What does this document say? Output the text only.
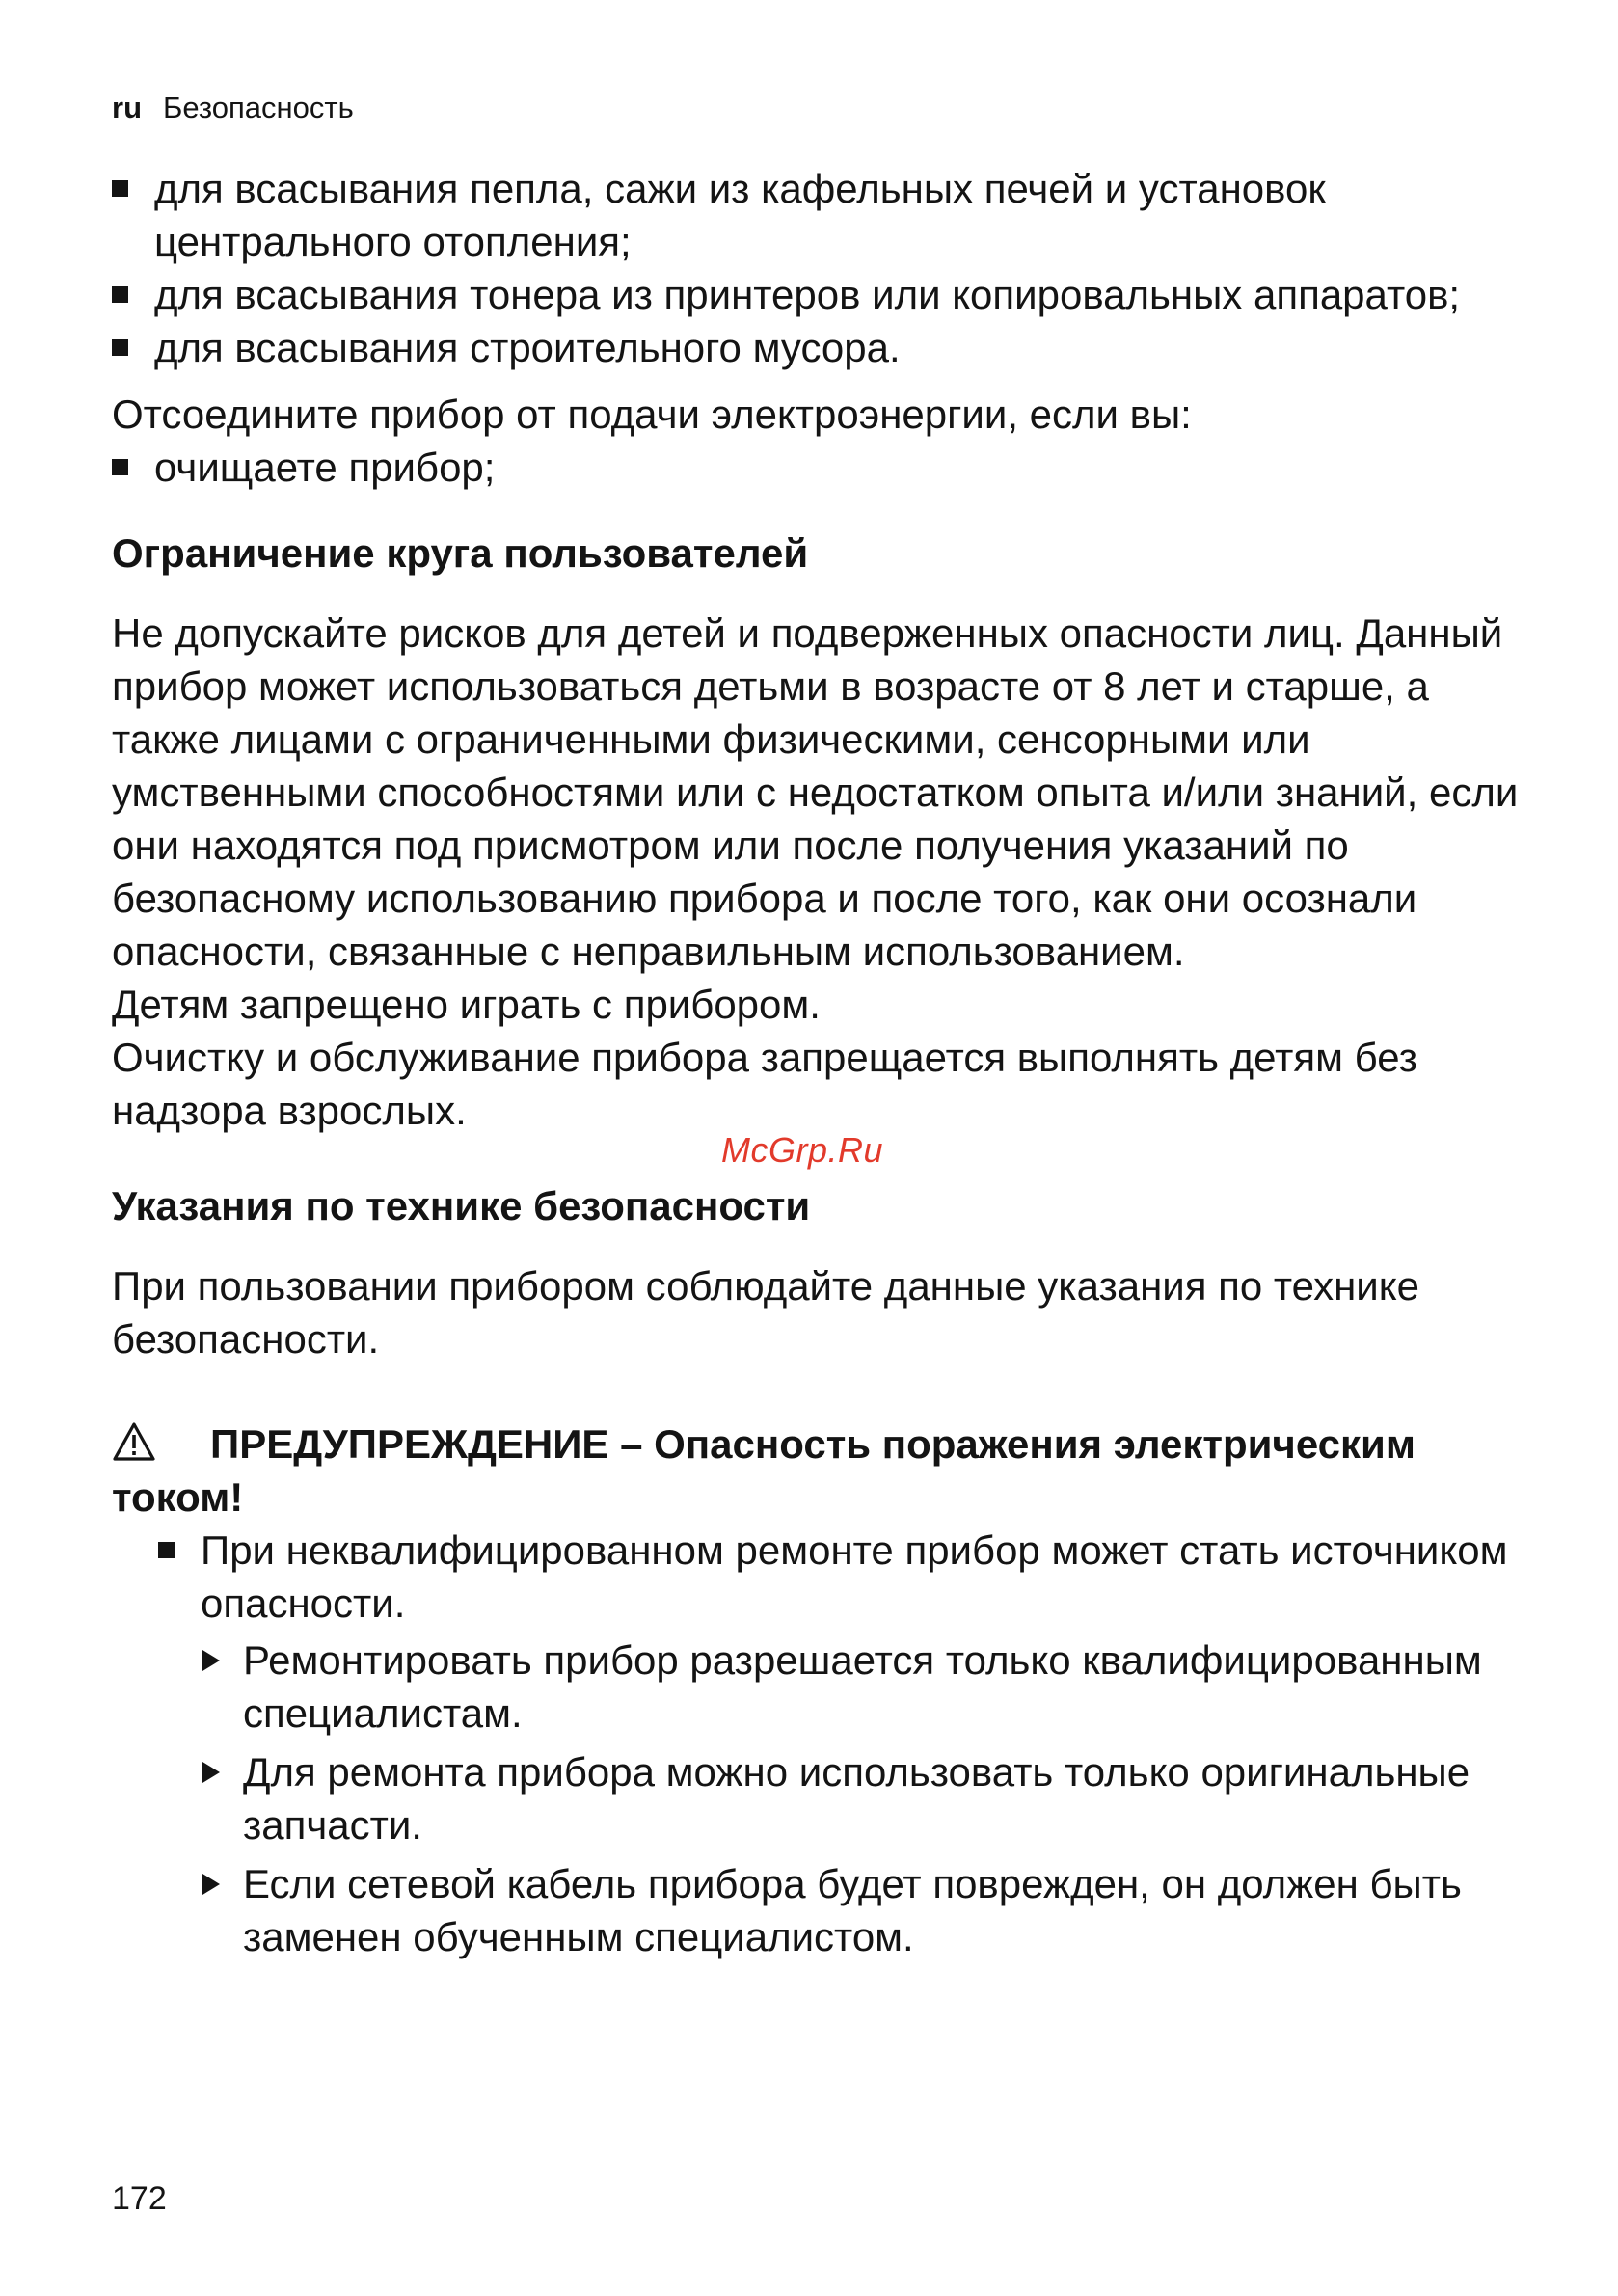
ru Безопасность
для всасывания пепла, сажи из кафельных печей и установок центрального отопления;
для всасывания тонера из принтеров или копировальных аппаратов;
для всасывания строительного мусора.

Отсоедините прибор от подачи электроэнергии, если вы:

очищаете прибор;
Ограничение круга пользователей

Не допускайте рисков для детей и подверженных опасности лиц. Данный прибор может использоваться детьми в возрасте от 8 лет и старше, а также лицами с ограниченными физическими, сенсорными или умственными способностями или с недостатком опыта и/или знаний, если они находятся под присмотром или после получения указаний по безопасному использованию прибора и после того, как они осознали опасности, связанные с неправильным использованием.

Детям запрещено играть с прибором.

Очистку и обслуживание прибора запрещается выполнять детям без надзора взрослых.

Указания по технике безопасности

При пользовании прибором соблюдайте данные указания по технике безопасности.

ПРЕДУПРЕЖДЕНИЕ – Опасность поражения электрическим током!
При неквалифицированном ремонте прибор может стать источником опасности.
Ремонтировать прибор разрешается только квалифицированным специалистам.
Для ремонта прибора можно использовать только оригинальные запчасти.
Если сетевой кабель прибора будет поврежден, он должен быть заменен обученным специалистом.
McGrp.Ru
172
